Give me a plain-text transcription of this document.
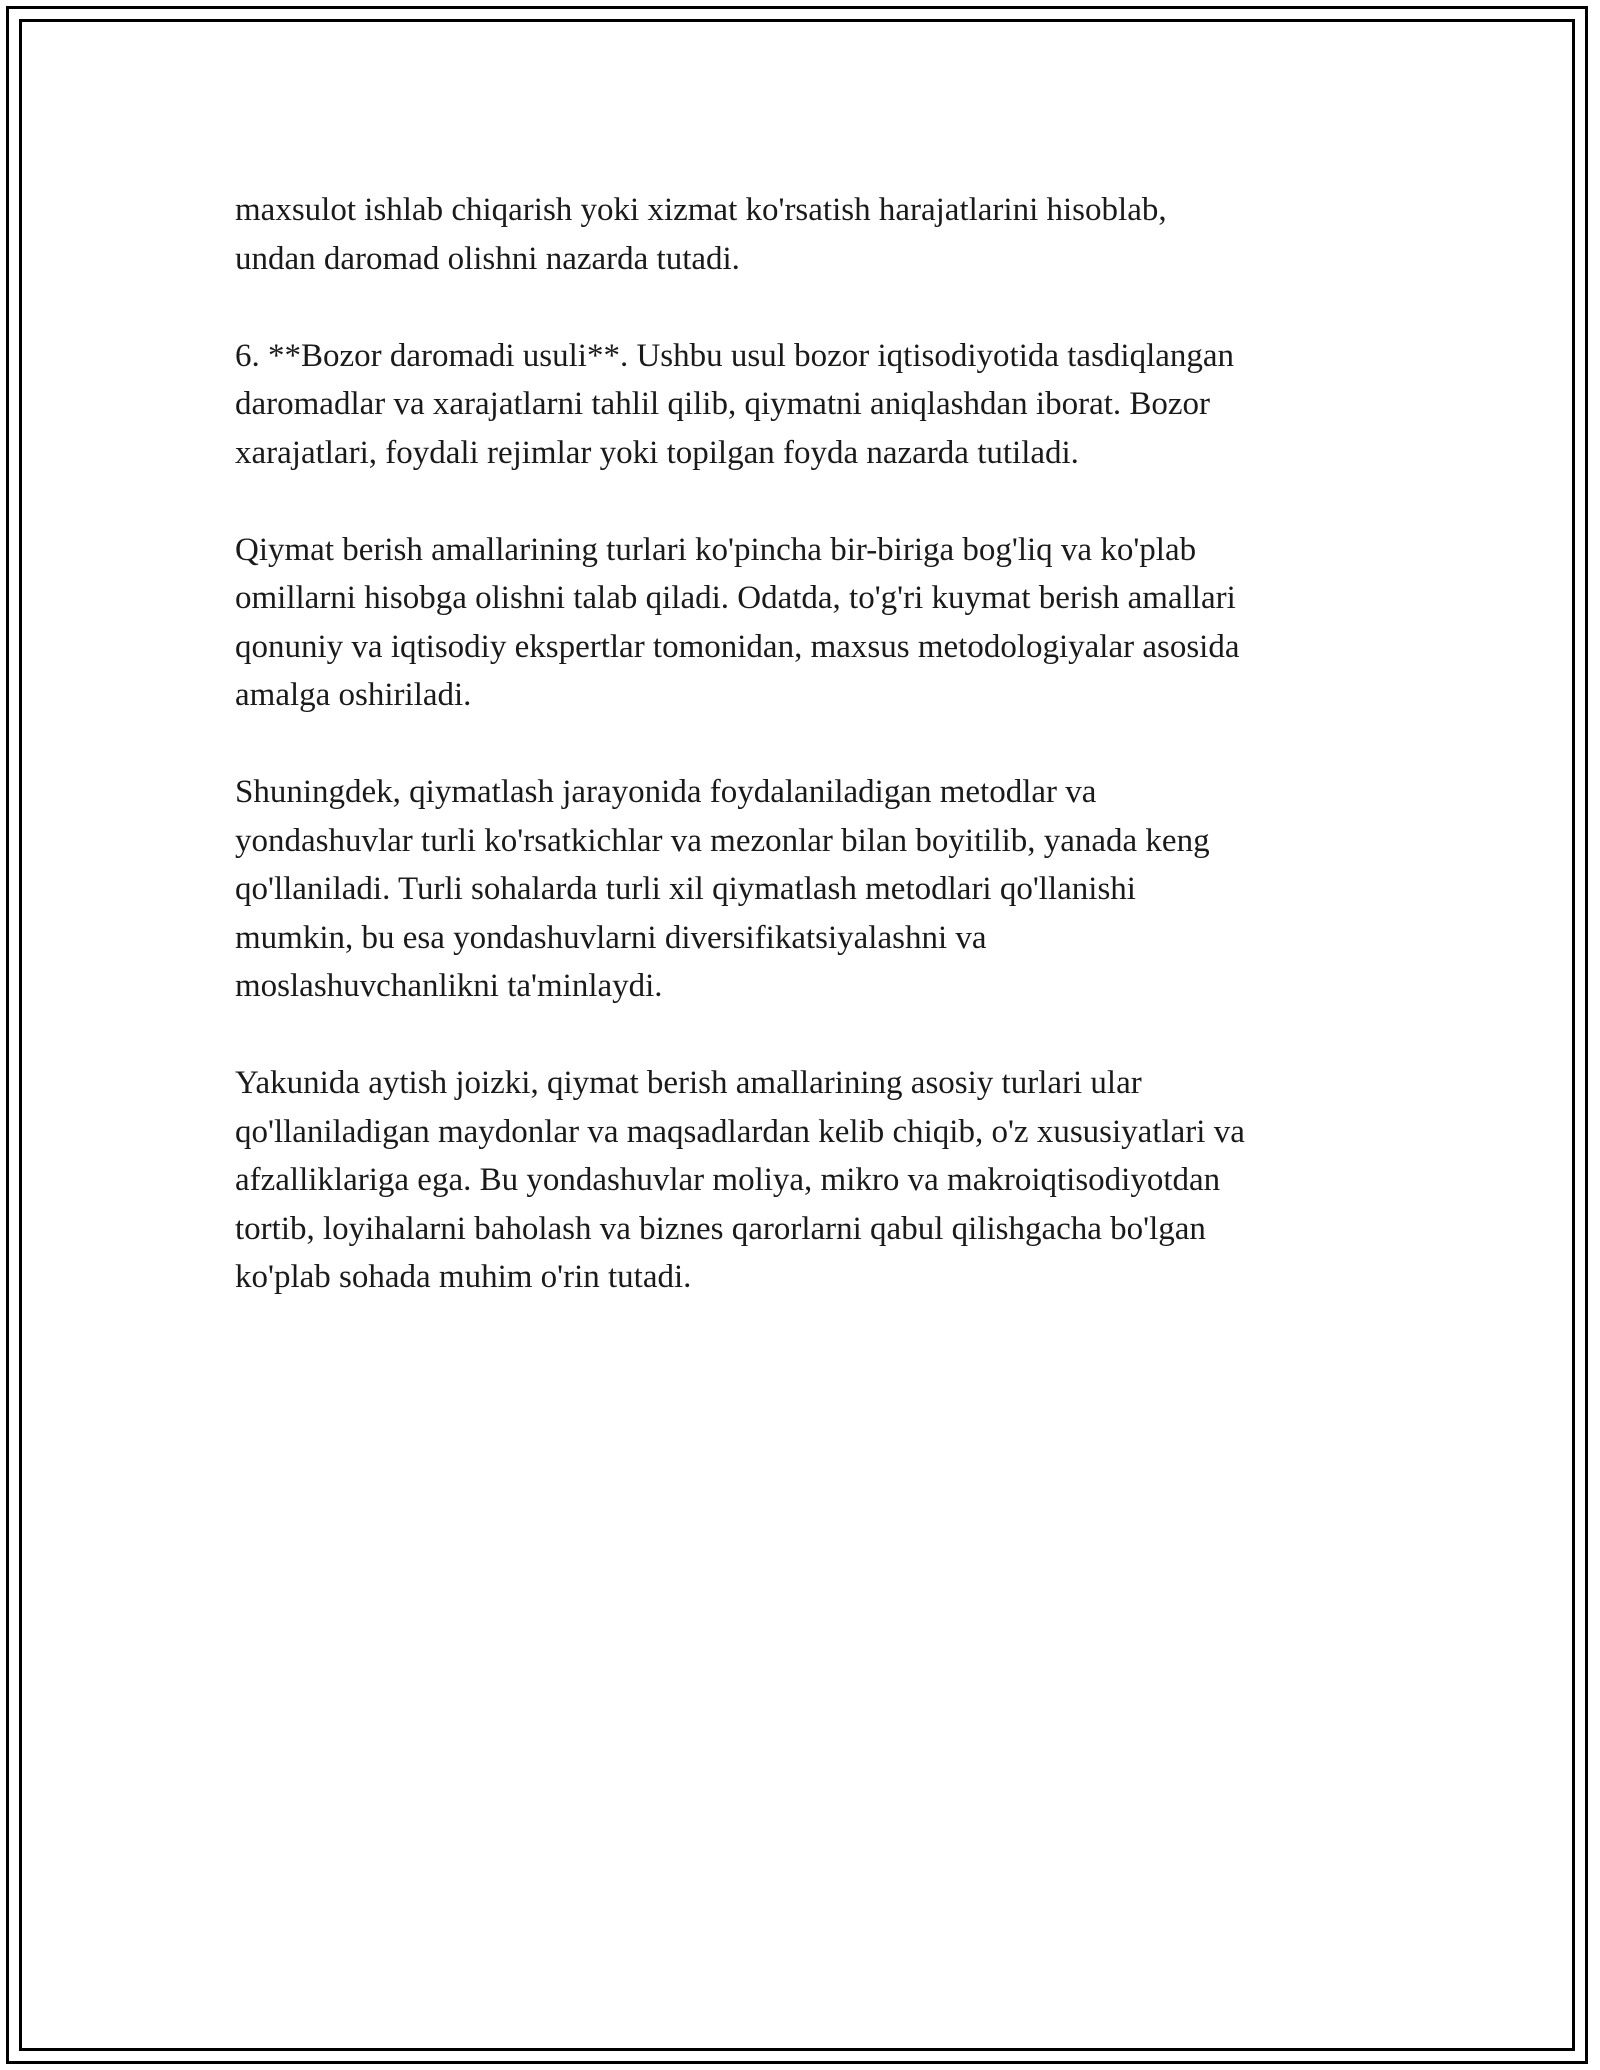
maxsulot ishlab chiqarish yoki xizmat ko'rsatish harajatlarini hisoblab,
undan daromad olishni nazarda tutadi.

6. **Bozor daromadi usuli**. Ushbu usul bozor iqtisodiyotida tasdiqlangan
daromadlar va xarajatlarni tahlil qilib, qiymatni aniqlashdan iborat. Bozor
xarajatlari, foydali rejimlar yoki topilgan foyda nazarda tutiladi.

Qiymat berish amallarining turlari ko'pincha bir-biriga bog'liq va ko'plab
omillarni hisobga olishni talab qiladi. Odatda, to'g'ri kuymat berish amallari
qonuniy va iqtisodiy ekspertlar tomonidan, maxsus metodologiyalar asosida
amalga oshiriladi.

Shuningdek, qiymatlash jarayonida foydalaniladigan metodlar va
yondashuvlar turli ko'rsatkichlar va mezonlar bilan boyitilib, yanada keng
qo'llaniladi. Turli sohalarda turli xil qiymatlash metodlari qo'llanishi
mumkin, bu esa yondashuvlarni diversifikatsiyalashni va
moslashuvchanlikni ta'minlaydi.

Yakunida aytish joizki, qiymat berish amallarining asosiy turlari ular
qo'llaniladigan maydonlar va maqsadlardan kelib chiqib, o'z xususiyatlari va
afzalliklariga ega. Bu yondashuvlar moliya, mikro va makroiqtisodiyotdan
tortib, loyihalarni baholash va biznes qarorlarni qabul qilishgacha bo'lgan
ko'plab sohada muhim o'rin tutadi.
